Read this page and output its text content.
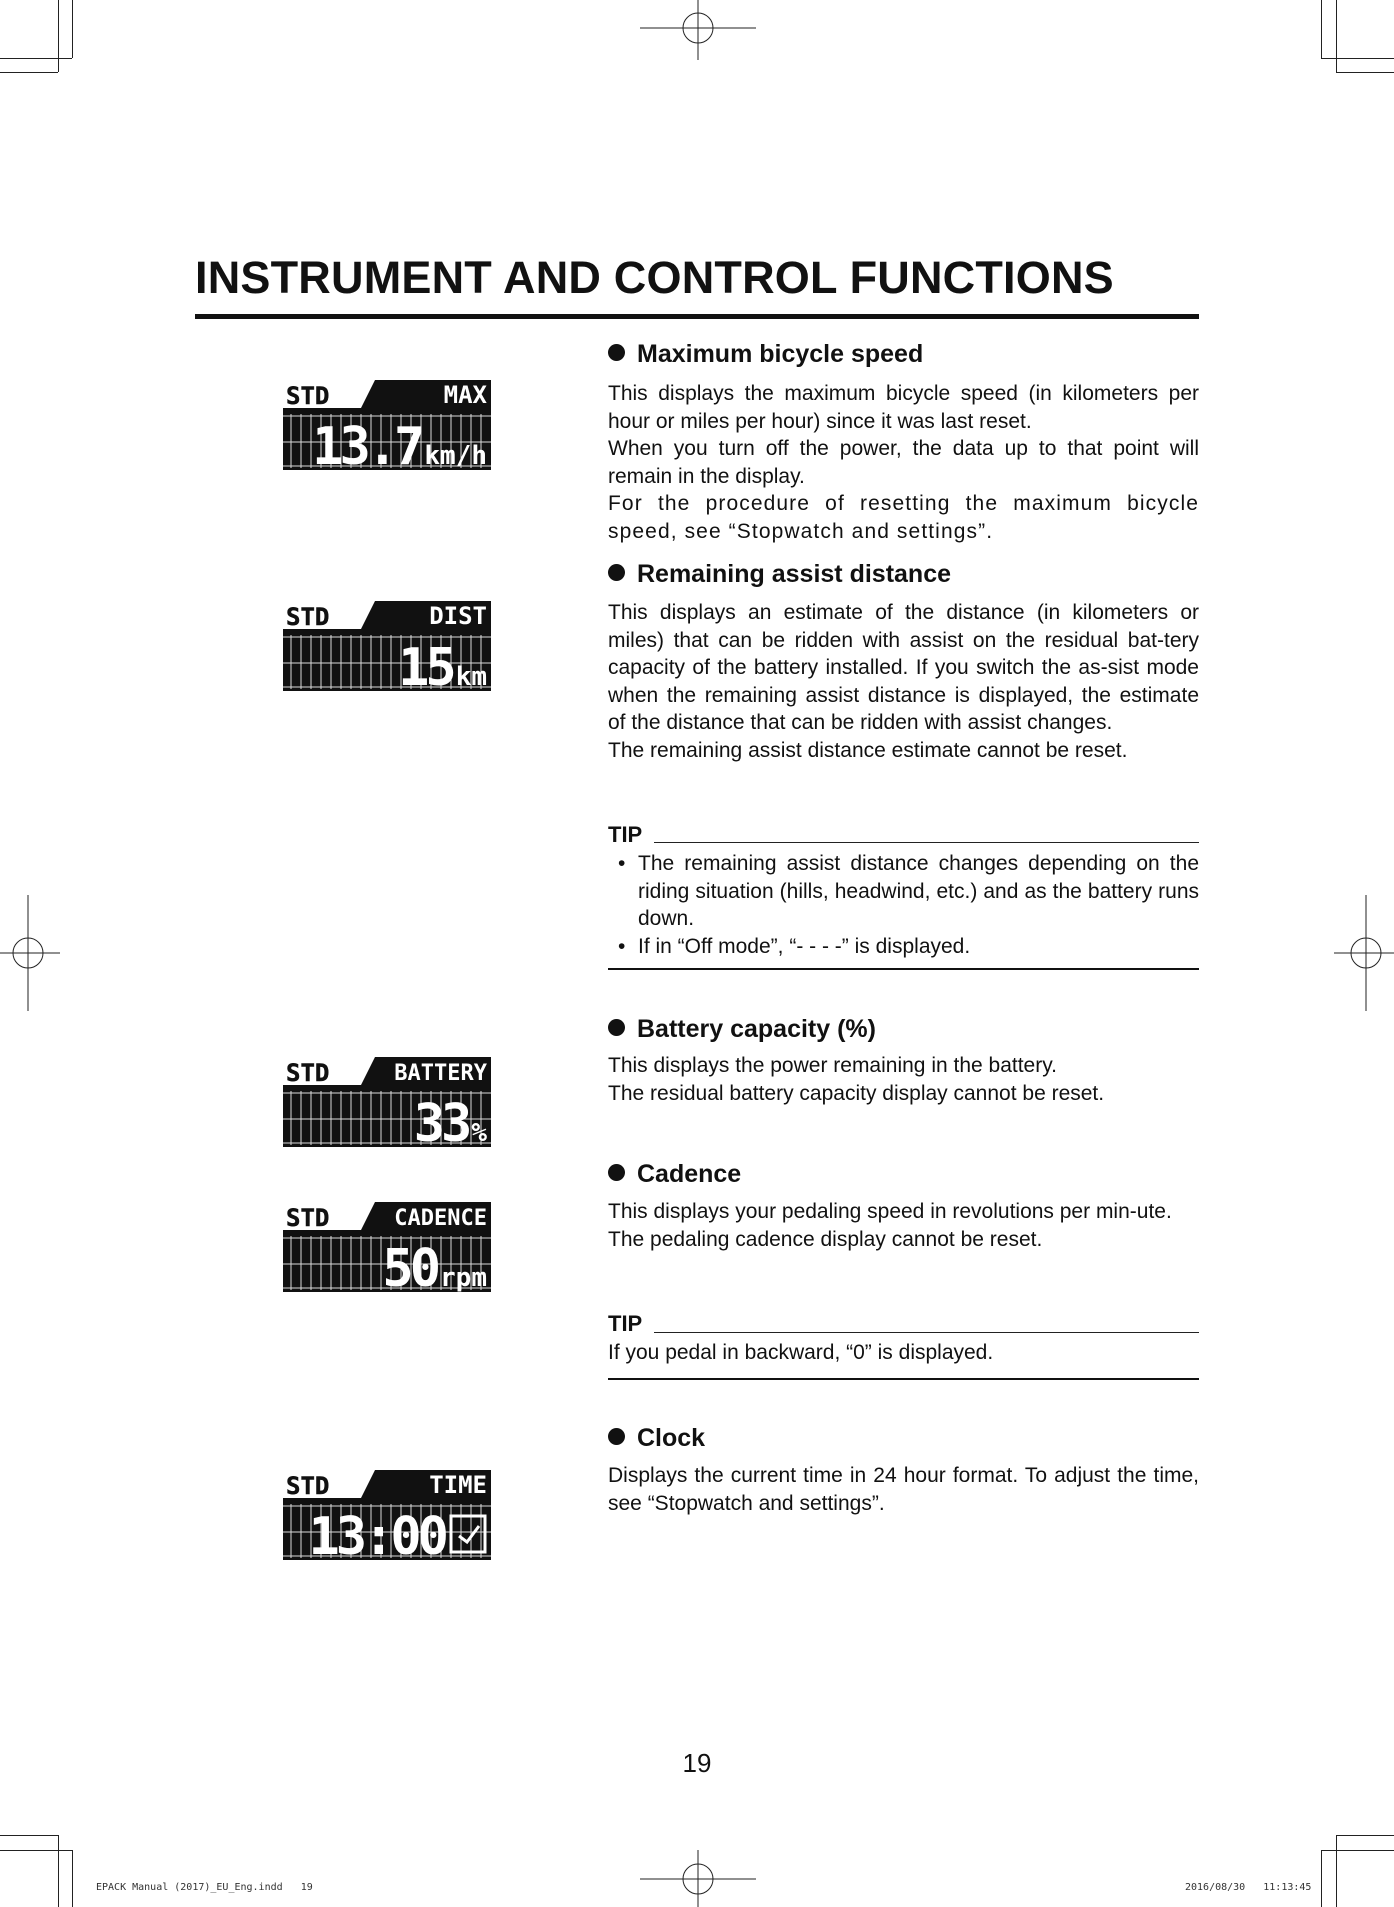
INSTRUMENT AND CONTROL FUNCTIONS
Maximum bicycle speed

This displays the maximum bicycle speed (in kilometers per hour or miles per hour) since it was last reset.

When you turn off the power, the data up to that point will remain in the display.

For the procedure of resetting the maximum bicycle speed, see “Stopwatch and settings”.

STD	MAX
13.7 km/h
Remaining assist distance

This displays an estimate of the distance (in kilometers or miles) that can be ridden with assist on the residual bat-tery capacity of the battery installed. If you switch the as-sist mode when the remaining assist distance is displayed, the estimate of the distance that can be ridden with assist changes.

The remaining assist distance estimate cannot be reset.

STD	DIST
15 km
TIP
• The remaining assist distance changes depending on the riding situation (hills, headwind, etc.) and as the battery runs down.
• If in “Off mode”, “- - - -” is displayed.
Battery capacity (%)

This displays the power remaining in the battery.

The residual battery capacity display cannot be reset.

STD	BATTERY
33 %
Cadence

This displays your pedaling speed in revolutions per min-ute.

The pedaling cadence display cannot be reset.

STD	CADENCE
50 rpm
TIP
If you pedal in backward, “0” is displayed.
Clock

Displays the current time in 24 hour format. To adjust the time, see “Stopwatch and settings”.

STD	TIME
13:00
19
EPACK Manual (2017)_EU_Eng.indd   19	2016/08/30   11:13:45
